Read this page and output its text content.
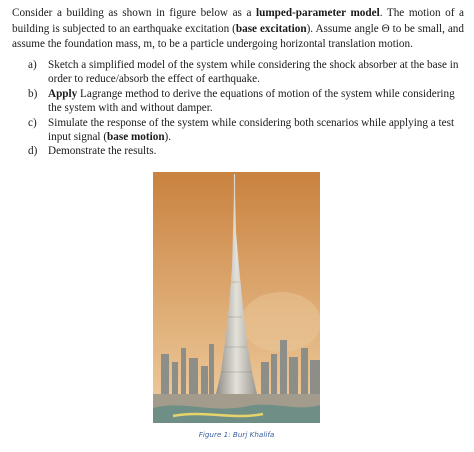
Consider a building as shown in figure below as a lumped-parameter model. The motion of a building is subjected to an earthquake excitation (base excitation). Assume angle Θ to be small, and assume the foundation mass, m, to be a particle undergoing horizontal translation motion.

a) Sketch a simplified model of the system while considering the shock absorber at the base in order to reduce/absorb the effect of earthquake.
b) Apply Lagrange method to derive the equations of motion of the system while considering the system with and without damper.
c) Simulate the response of the system while considering both scenarios while applying a test input signal (base motion).
d) Demonstrate the results.
Figure 1: Burj Khalifa
